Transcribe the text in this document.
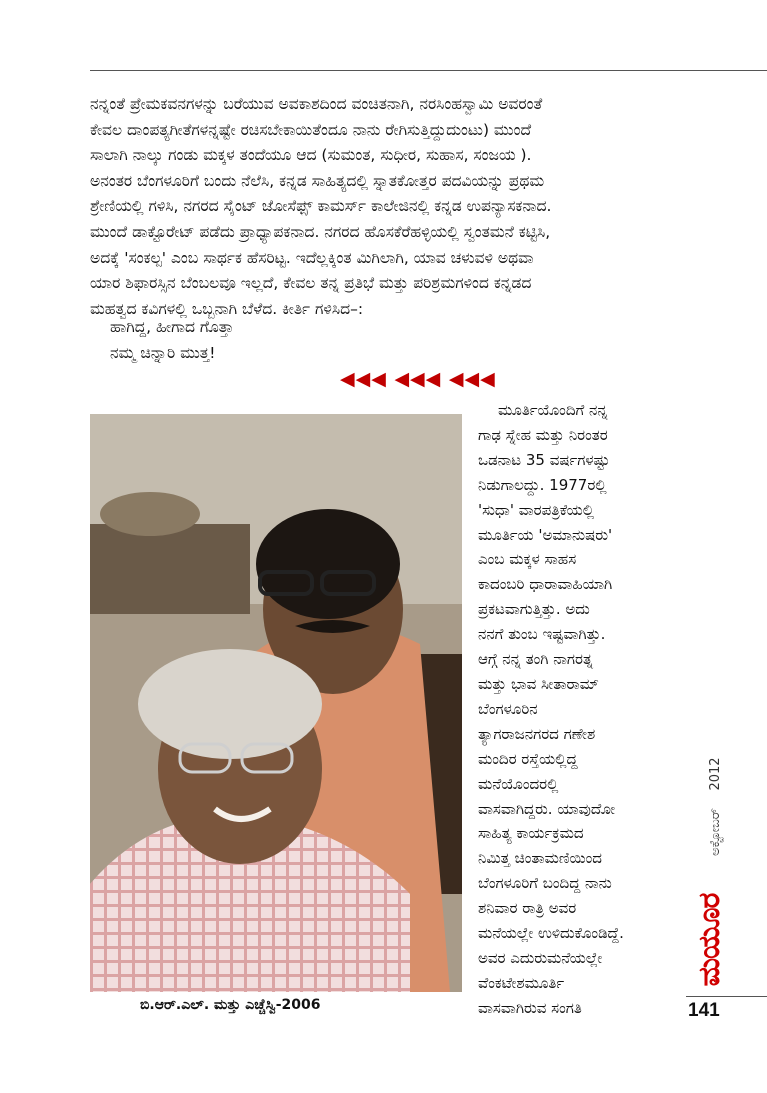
ನನ್ನಂತೆ ಪ್ರೇಮಕವನಗಳನ್ನು ಬರೆಯುವ ಅವಕಾಶದಿಂದ ವಂಚಿತನಾಗಿ, ನರಸಿಂಹಸ್ವಾಮಿ ಅವರಂತೆ

ಕೇವಲ ದಾಂಪತ್ಯಗೀತೆಗಳನ್ನಷ್ಟೇ ರಚಿಸಬೇಕಾಯಿತೆಂದೂ ನಾನು ರೇಗಿಸುತ್ತಿದ್ದುದುಂಟು) ಮುಂದೆ

ಸಾಲಾಗಿ ನಾಲ್ಕು ಗಂಡು ಮಕ್ಕಳ ತಂದೆಯೂ ಆದ (ಸುಮಂತ, ಸುಧೀರ, ಸುಹಾಸ, ಸಂಜಯ ).

ಅನಂತರ ಬೆಂಗಳೂರಿಗೆ ಬಂದು ನೆಲೆಸಿ, ಕನ್ನಡ ಸಾಹಿತ್ಯದಲ್ಲಿ ಸ್ನಾತಕೋತ್ತರ ಪದವಿಯನ್ನು ಪ್ರಥಮ

ಶ್ರೇಣಿಯಲ್ಲಿ ಗಳಿಸಿ, ನಗರದ ಸೈಂಟ್ ಜೋಸೆಫ್ಸ್ ಕಾಮರ್ಸ್ ಕಾಲೇಜಿನಲ್ಲಿ ಕನ್ನಡ ಉಪನ್ಯಾಸಕನಾದ.

ಮುಂದೆ ಡಾಕ್ಟೊರೇಟ್ ಪಡೆದು ಪ್ರಾಧ್ಯಾಪಕನಾದ. ನಗರದ ಹೊಸಕೆರೆಹಳ್ಳಿಯಲ್ಲಿ ಸ್ವಂತಮನೆ ಕಟ್ಟಿಸಿ,

ಅದಕ್ಕೆ 'ಸಂಕಲ್ಪ' ಎಂಬ ಸಾರ್ಥಕ ಹೆಸರಿಟ್ಟ. ಇದೆಲ್ಲಕ್ಕಿಂತ ಮಿಗಿಲಾಗಿ, ಯಾವ ಚಳುವಳಿ ಅಥವಾ

ಯಾರ ಶಿಫಾರಸ್ಸಿನ ಬೆಂಬಲವೂ ಇಲ್ಲದೆ, ಕೇವಲ ತನ್ನ ಪ್ರತಿಭೆ ಮತ್ತು ಪರಿಶ್ರಮಗಳಿಂದ ಕನ್ನಡದ

ಮಹತ್ವದ ಕವಿಗಳಲ್ಲಿ ಒಬ್ಬನಾಗಿ ಬೆಳೆದ. ಕೀರ್ತಿ ಗಳಿಸಿದ–:

ಹಾಗಿದ್ದ, ಹೀಗಾದ ಗೊತ್ತಾ
ನಮ್ಮ ಚಿನ್ನಾರಿ ಮುತ್ತ!
◀◀◀ ◀◀◀ ◀◀◀
ಬಿ.ಆರ್.ಎಲ್. ಮತ್ತು ಎಚ್ಚೆಸ್ವಿ-2006
ಮೂರ್ತಿಯೊಂದಿಗೆ ನನ್ನ
ಗಾಢ ಸ್ನೇಹ ಮತ್ತು ನಿರಂತರ
ಒಡನಾಟ 35 ವರ್ಷಗಳಷ್ಟು
ನಿಡುಗಾಲದ್ದು. 1977ರಲ್ಲಿ
'ಸುಧಾ' ವಾರಪತ್ರಿಕೆಯಲ್ಲಿ
ಮೂರ್ತಿಯ 'ಅಮಾನುಷರು'
ಎಂಬ ಮಕ್ಕಳ ಸಾಹಸ
ಕಾದಂಬರಿ ಧಾರಾವಾಹಿಯಾಗಿ
ಪ್ರಕಟವಾಗುತ್ತಿತ್ತು. ಅದು
ನನಗೆ ತುಂಬ ಇಷ್ಟವಾಗಿತ್ತು.
ಆಗ್ಗೆ ನನ್ನ ತಂಗಿ ನಾಗರತ್ನ
ಮತ್ತು ಭಾವ ಸೀತಾರಾಮ್
ಬೆಂಗಳೂರಿನ
ತ್ಯಾಗರಾಜನಗರದ ಗಣೇಶ
ಮಂದಿರ ರಸ್ತೆಯಲ್ಲಿದ್ದ
ಮನೆಯೊಂದರಲ್ಲಿ
ವಾಸವಾಗಿದ್ದರು. ಯಾವುದೋ
ಸಾಹಿತ್ಯ ಕಾರ್ಯಕ್ರಮದ
ನಿಮಿತ್ತ ಚಿಂತಾಮಣಿಯಿಂದ
ಬೆಂಗಳೂರಿಗೆ ಬಂದಿದ್ದ ನಾನು
ಶನಿವಾರ ರಾತ್ರಿ ಅವರ
ಮನೆಯಲ್ಲೇ ಉಳಿದುಕೊಂಡಿದ್ದೆ.
ಅವರ ಎದುರುಮನೆಯಲ್ಲೇ
ವೆಂಕಟೇಶಮೂರ್ತಿ
ವಾಸವಾಗಿರುವ ಸಂಗತಿ
2012
ಅಕ್ಟೋಬರ್
ಮಯೂರ
141
